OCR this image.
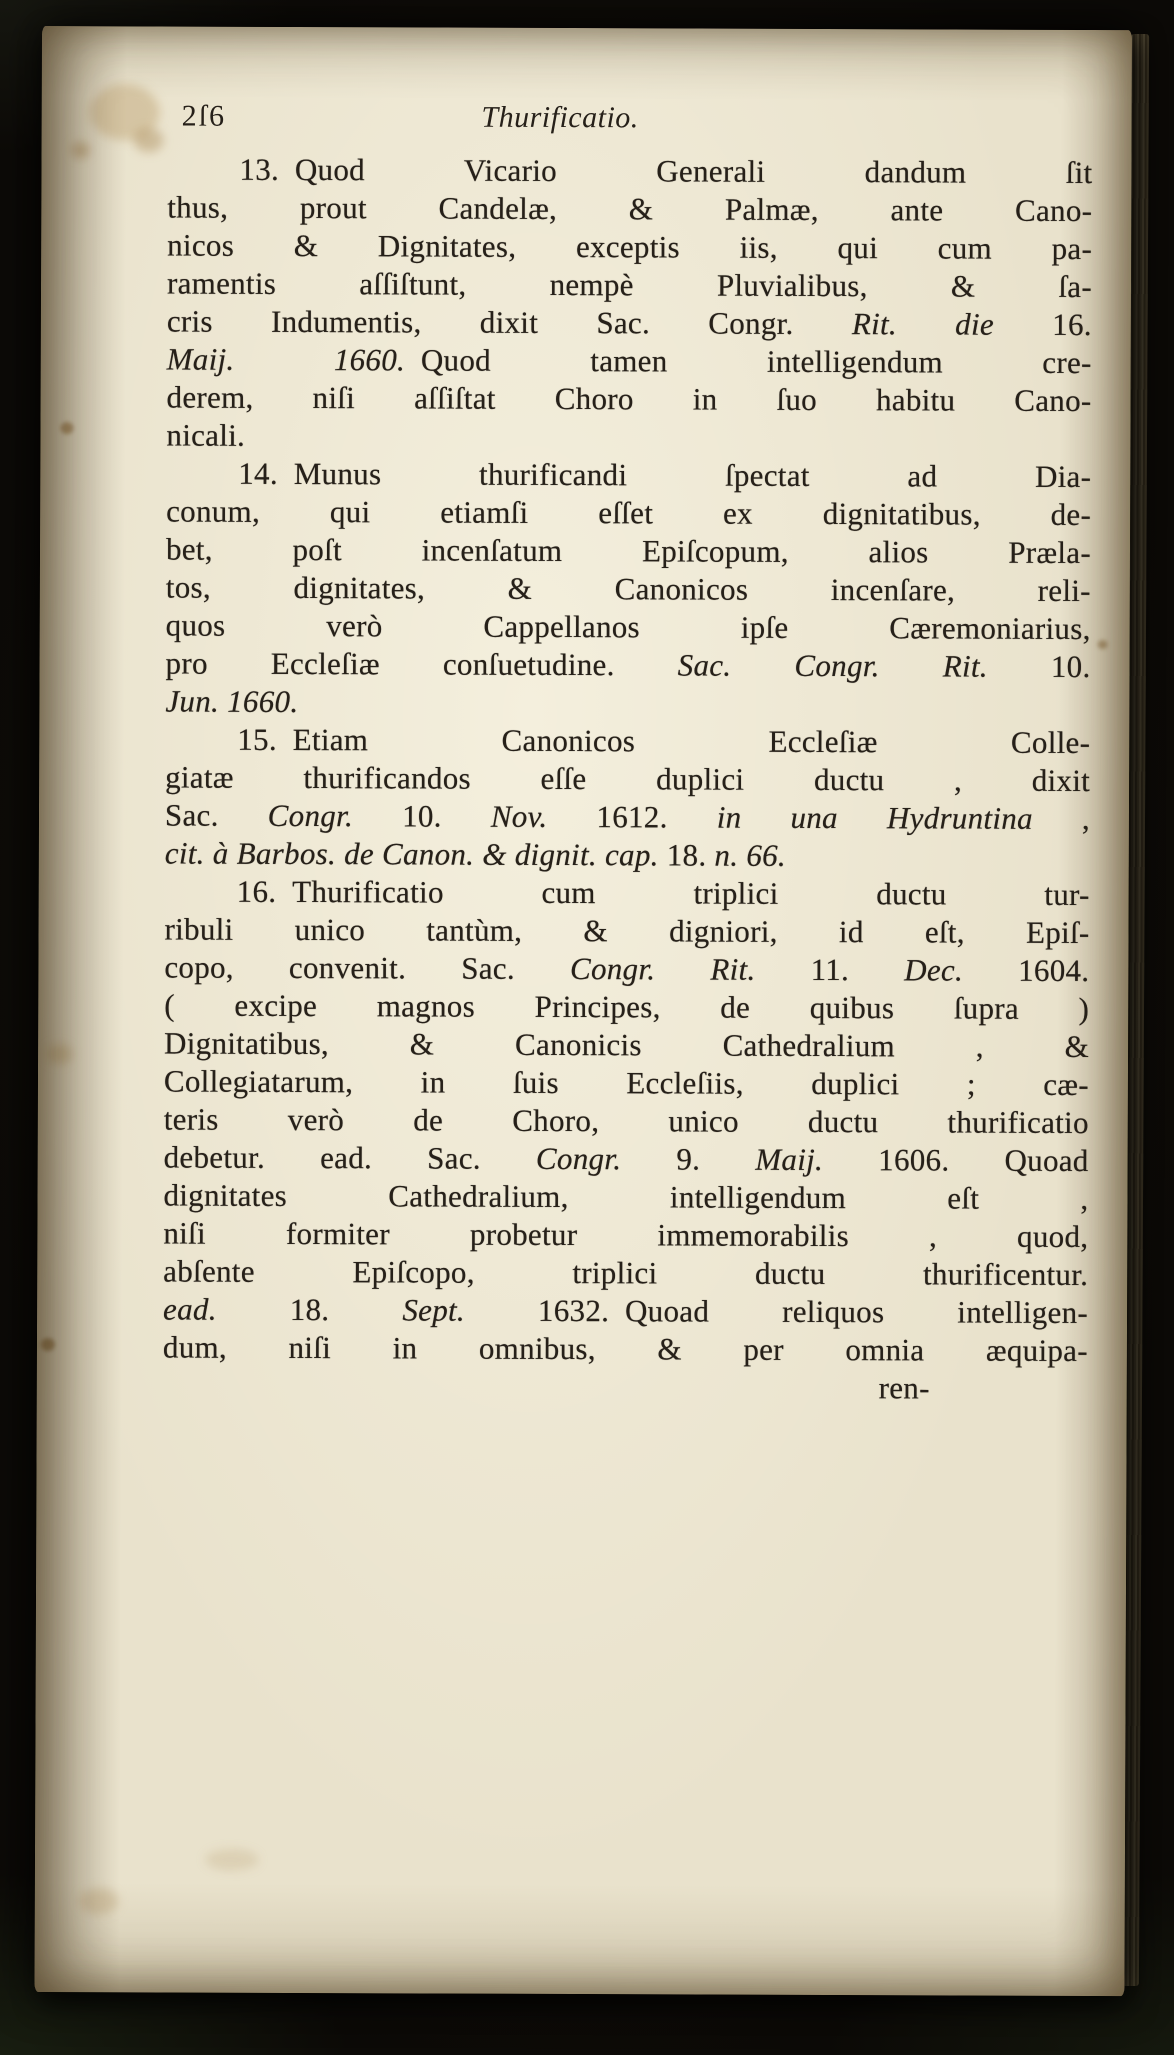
2ſ6	Thurificatio.
13. Quod Vicario Generali dandum ſit
thus, prout Candelæ, & Palmæ, ante Cano-
nicos & Dignitates, exceptis iis, qui cum pa-
ramentis aſſiſtunt, nempè Pluvialibus, & ſa-
cris Indumentis, dixit Sac. Congr. Rit. die 16.
Maij. 1660. Quod tamen intelligendum cre-
derem, niſi aſſiſtat Choro in ſuo habitu Cano-
nicali.
14. Munus thurificandi ſpectat ad Dia-
conum, qui etiamſi eſſet ex dignitatibus, de-
bet, poſt incenſatum Epiſcopum, alios Præla-
tos, dignitates, & Canonicos incenſare, reli-
quos verò Cappellanos ipſe Cæremoniarius,
pro Eccleſiæ conſuetudine. Sac. Congr. Rit. 10.
Jun. 1660.
15. Etiam Canonicos Eccleſiæ Colle-
giatæ thurificandos eſſe duplici ductu , dixit
Sac. Congr. 10. Nov. 1612. in una Hydruntina ,
cit. à Barbos. de Canon. & dignit. cap. 18. n. 66.
16. Thurificatio cum triplici ductu tur-
ribuli unico tantùm, & digniori, id eſt, Epiſ-
copo, convenit. Sac. Congr. Rit. 11. Dec. 1604.
( excipe magnos Principes, de quibus ſupra )
Dignitatibus, & Canonicis Cathedralium , &
Collegiatarum, in ſuis Eccleſiis, duplici ; cæ-
teris verò de Choro, unico ductu thurificatio
debetur. ead. Sac. Congr. 9. Maij. 1606. Quoad
dignitates Cathedralium, intelligendum eſt ,
niſi formiter probetur immemorabilis , quod,
abſente Epiſcopo, triplici ductu thurificentur.
ead. 18. Sept. 1632. Quoad reliquos intelligen-
dum, niſi in omnibus, & per omnia æquipa-
ren-
